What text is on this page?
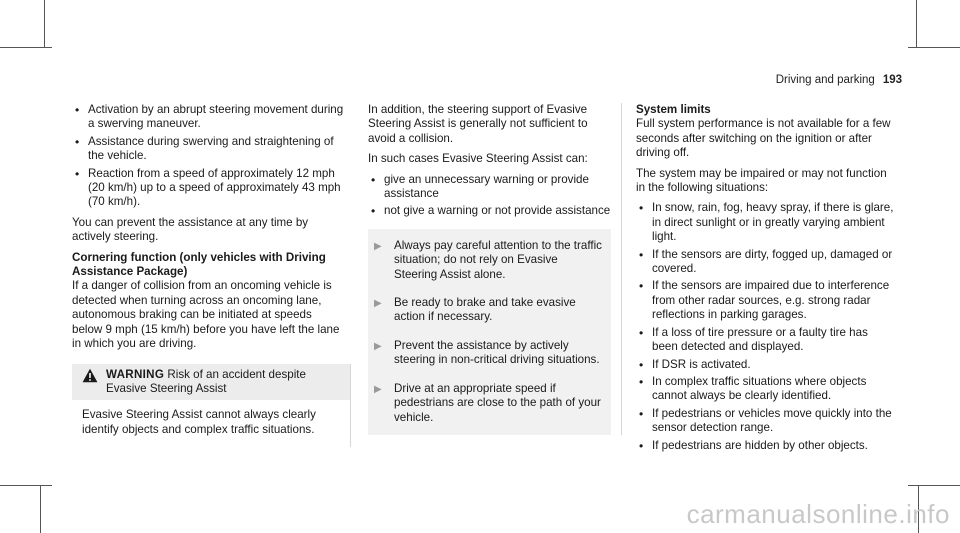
Driving and parking 193
• Activation by an abrupt steering movement during a swerving maneuver.
• Assistance during swerving and straightening of the vehicle.
• Reaction from a speed of approximately 12 mph (20 km/h) up to a speed of approximately 43 mph (70 km/h).

You can prevent the assistance at any time by actively steering.

Cornering function (only vehicles with Driving Assistance Package)

If a danger of collision from an oncoming vehicle is detected when turning across an oncoming lane, autonomous braking can be initiated at speeds below 9 mph (15 km/h) before you have left the lane in which you are driving.

WARNING Risk of an accident despite Evasive Steering Assist
Evasive Steering Assist cannot always clearly identify objects and complex traffic situations.

In addition, the steering support of Evasive Steering Assist is generally not sufficient to avoid a collision.

In such cases Evasive Steering Assist can:

• give an unnecessary warning or provide assistance
• not give a warning or not provide assistance
▶	Always pay careful attention to the traffic situation; do not rely on Evasive Steering Assist alone.
▶	Be ready to brake and take evasive action if necessary.
▶	Prevent the assistance by actively steering in non-critical driving situations.
▶	Drive at an appropriate speed if pedestrians are close to the path of your vehicle.

System limits

Full system performance is not available for a few seconds after switching on the ignition or after driving off.

The system may be impaired or may not function in the following situations:

• In snow, rain, fog, heavy spray, if there is glare, in direct sunlight or in greatly varying ambient light.
• If the sensors are dirty, fogged up, damaged or covered.
• If the sensors are impaired due to interference from other radar sources, e.g. strong radar reflections in parking garages.
• If a loss of tire pressure or a faulty tire has been detected and displayed.
• If DSR is activated.
• In complex traffic situations where objects cannot always be clearly identified.
• If pedestrians or vehicles move quickly into the sensor detection range.
• If pedestrians are hidden by other objects.
carmanualsonline.info
